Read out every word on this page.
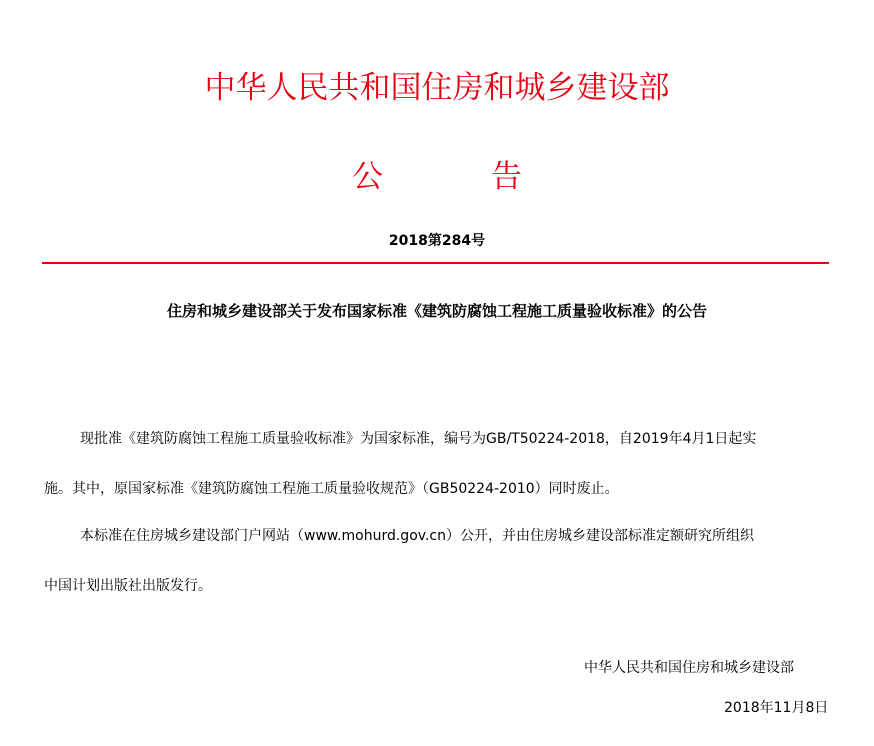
中华人民共和国住房和城乡建设部
公	告
2018第284号
住房和城乡建设部关于发布国家标准《建筑防腐蚀工程施工质量验收标准》的公告
现批准《建筑防腐蚀工程施工质量验收标准》为国家标准，编号为GB/T50224-2018，自2019年4月1日起实
施。其中，原国家标准《建筑防腐蚀工程施工质量验收规范》（GB50224-2010）同时废止。
本标准在住房城乡建设部门户网站（www.mohurd.gov.cn）公开，并由住房城乡建设部标准定额研究所组织
中国计划出版社出版发行。
中华人民共和国住房和城乡建设部
2018年11月8日
